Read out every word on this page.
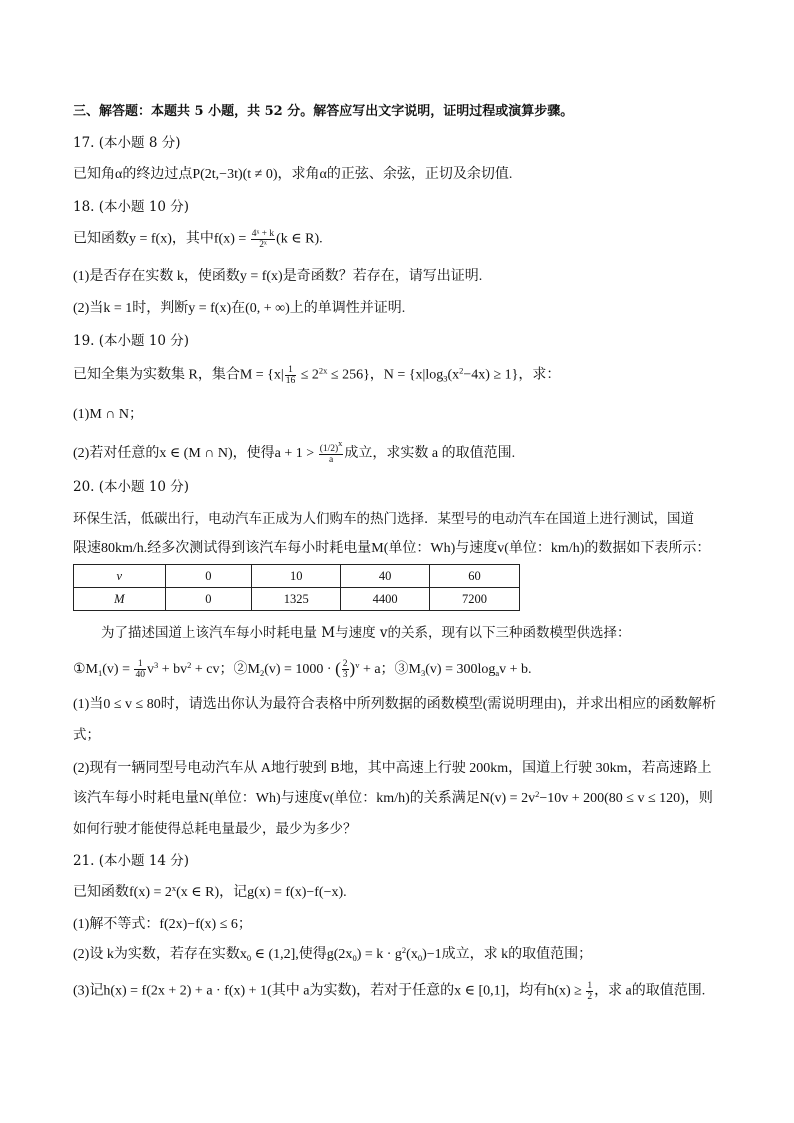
三、解答题：本题共 5 小题，共 52 分。解答应写出文字说明，证明过程或演算步骤。
17. (本小题 8 分)
已知角α的终边过点P(2t,−3t)(t ≠ 0)，求角α的正弦、余弦，正切及余切值.
18. (本小题 10 分)
已知函数y = f(x)，其中$f(x) = \frac{\text{4ˣ + k}}{\text{2ˣ}} (k$ ∈ R).
(1)是否存在实数 k，使函数y = f(x)是奇函数？若存在，请写出证明.
(2)当k = 1时，判断y = f(x)在(0, + ∞)上的单调性并证明.
19. (本小题 10 分)
已知全集为实数集 R，集合$M = \{x| \frac{1}{16} \le 2^{2x} \le 256\}$，$N = \{x|\log_3(x^2-4x) \ge 1\}$，求：
(1)M ∩ N；
(2)若对任意的x ∈ (M ∩ N)，使得$a + 1 > \frac{(1/2)^x}{a}$ 成立，求实数 a 的取值范围.
20. (本小题 10 分)
环保生活，低碳出行，电动汽车正成为人们购车的热门选择．某型号的电动汽车在国道上进行测试，国道
限速80km/h.经多次测试得到该汽车每小时耗电量M(单位：Wh)与速度v(单位：km/h)的数据如下表所示：
v	0	10	40	60
M	0	1325	4400	7200
为了描述国道上该汽车每小时耗电量 M与速度 v的关系，现有以下三种函数模型供选择：
$①M_1(v) = \frac{1}{40} v^3 + bv^2$ + cv；$②M_2(v) = 1000$ · ( $\frac{2}{3} )^v + a$；$③M_3(v) = 300\log_av + b$.
(1)当0 ≤ v ≤ 80时，请选出你认为最符合表格中所列数据的函数模型(需说明理由)，并求出相应的函数解析
式；
(2)现有一辆同型号电动汽车从 A地行驶到 B地，其中高速上行驶 200km，国道上行驶 30km，若高速路上
该汽车每小时耗电量N(单位：Wh)与速度v(单位：km/h)的关系满足$N(v) = 2v^2-10v + 200(80 \le v \le 120)$，则
如何行驶才能使得总耗电量最少，最少为多少？
21. (本小题 14 分)
已知函数$f(x) = 2^x(x$ ∈ R)，记g(x) = f(x)−f(−x).
(1)解不等式：f(2x)−f(x) ≤ 6；
(2)设 k为实数，若存在实数$x_0$ ∈ (1,2],使得$g(2x_0) = k \cdot g^2(x_0)-1$成立，求 k的取值范围；
(3)记h(x) = f(2x + 2) + a · f(x) + 1(其中 a为实数)，若对于任意的x ∈ [0,1]，均有$h(x) \ge \frac{1}{2}$ ，求 a的取值范围.
